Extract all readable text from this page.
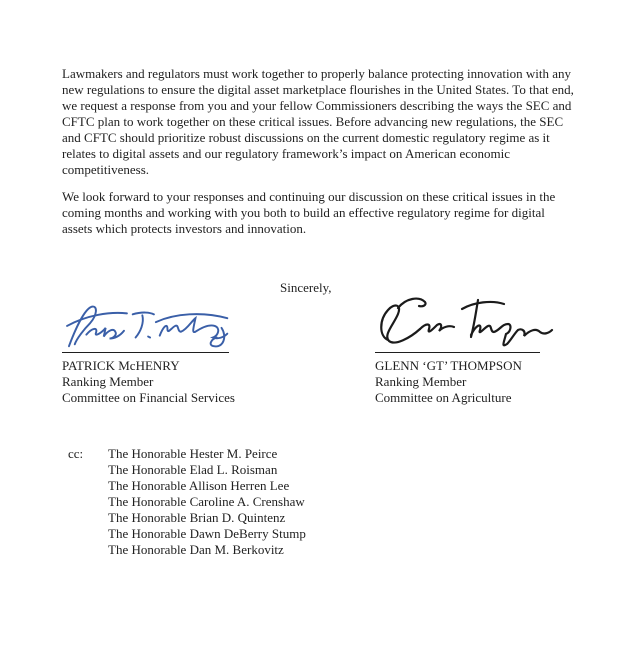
Lawmakers and regulators must work together to properly balance protecting innovation with any new regulations to ensure the digital asset marketplace flourishes in the United States. To that end, we request a response from you and your fellow Commissioners describing the ways the SEC and CFTC plan to work together on these critical issues. Before advancing new regulations, the SEC and CFTC should prioritize robust discussions on the current domestic regulatory regime as it relates to digital assets and our regulatory framework’s impact on American economic competitiveness.

We look forward to your responses and continuing our discussion on these critical issues in the coming months and working with you both to build an effective regulatory regime for digital assets which protects investors and innovation.

Sincerely,
PATRICK McHENRY
Ranking Member
Committee on Financial Services
GLENN ‘GT’ THOMPSON
Ranking Member
Committee on Agriculture
cc:	The Honorable Hester M. Peirce
The Honorable Elad L. Roisman
The Honorable Allison Herren Lee
The Honorable Caroline A. Crenshaw
The Honorable Brian D. Quintenz
The Honorable Dawn DeBerry Stump
The Honorable Dan M. Berkovitz
